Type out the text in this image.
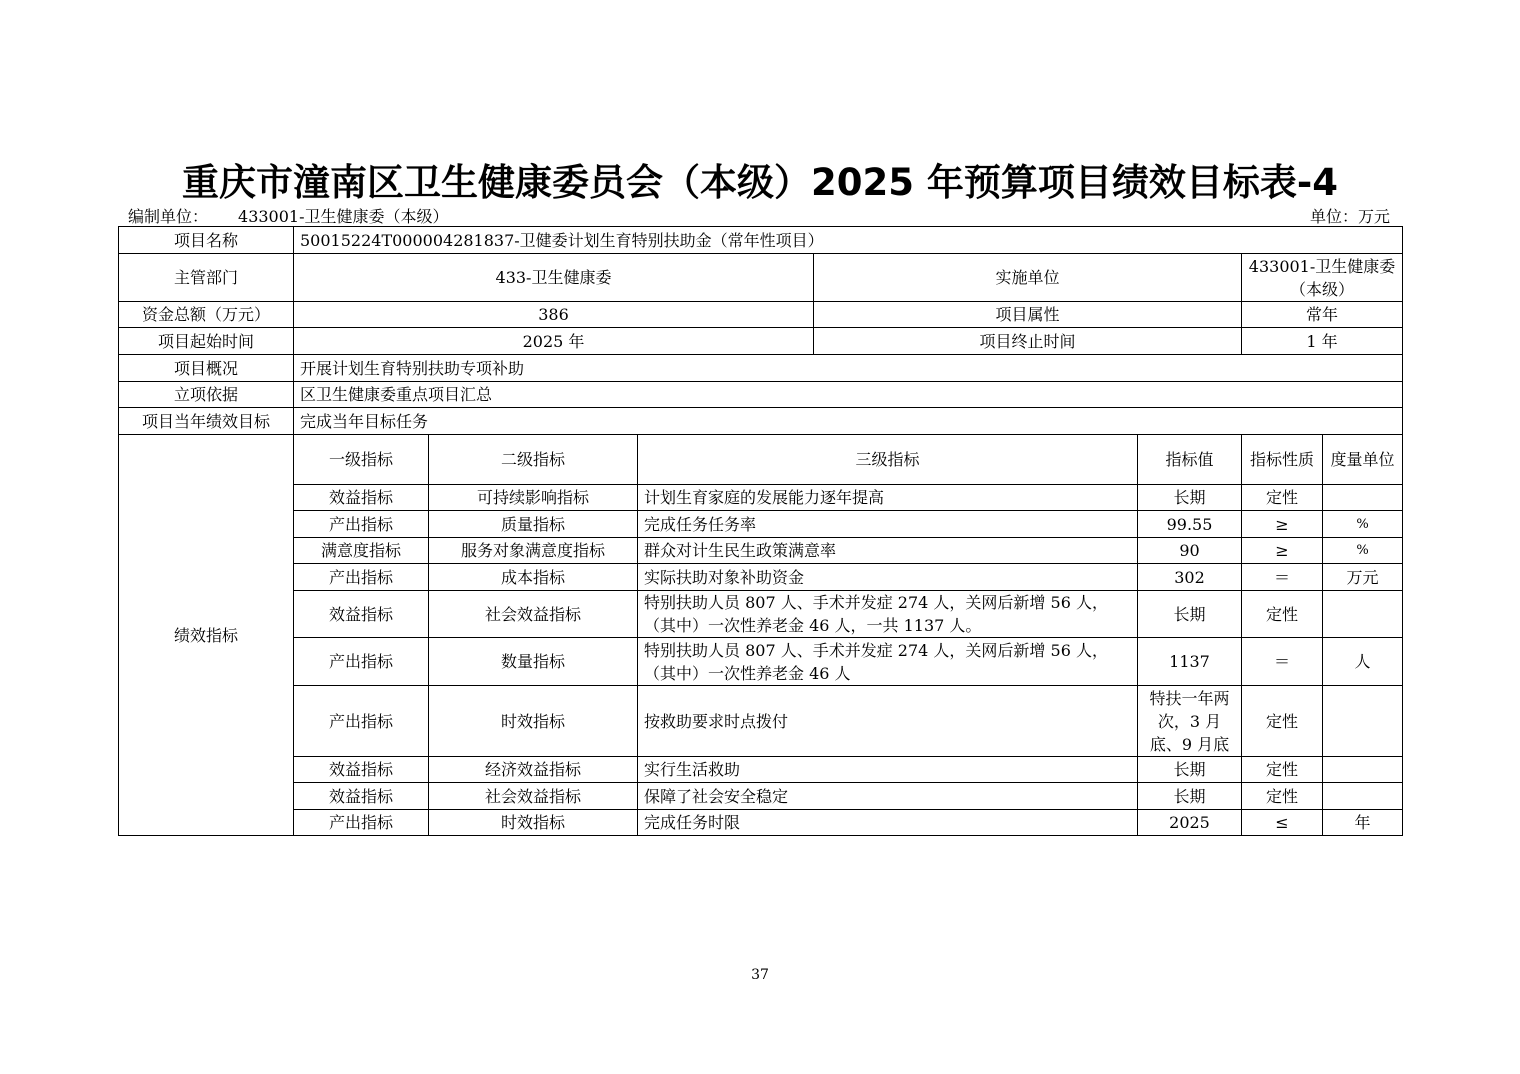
重庆市潼南区卫生健康委员会（本级）2025 年预算项目绩效目标表-4
编制单位： 433001-卫生健康委（本级）	单位：万元
项目名称	50015224T000004281837-卫健委计划生育特别扶助金（常年性项目）						
主管部门	433-卫生健康委			实施单位		433001-卫生健康委（本级）	
资金总额（万元）	386			项目属性		常年	
项目起始时间	2025 年			项目终止时间		1 年	
项目概况	开展计划生育特别扶助专项补助						
立项依据	区卫生健康委重点项目汇总						
项目当年绩效目标	完成当年目标任务						
绩效指标	一级指标	二级指标	三级指标		指标值	指标性质	度量单位
	效益指标	可持续影响指标	计划生育家庭的发展能力逐年提高		长期	定性	
	产出指标	质量指标	完成任务任务率		99.55	≥	%
	满意度指标	服务对象满意度指标	群众对计生民生政策满意率		90	≥	%
	产出指标	成本指标	实际扶助对象补助资金		302	＝	万元
	效益指标	社会效益指标	特别扶助人员 807 人、手术并发症 274 人，关网后新增 56 人，（其中）一次性养老金 46 人，一共 1137 人。		长期	定性	
	产出指标	数量指标	特别扶助人员 807 人、手术并发症 274 人，关网后新增 56 人，（其中）一次性养老金 46 人		1137	＝	人
	产出指标	时效指标	按救助要求时点拨付		特扶一年两次，3 月底、9 月底	定性	
	效益指标	经济效益指标	实行生活救助		长期	定性	
	效益指标	社会效益指标	保障了社会安全稳定		长期	定性	
	产出指标	时效指标	完成任务时限		2025	≤	年
37
